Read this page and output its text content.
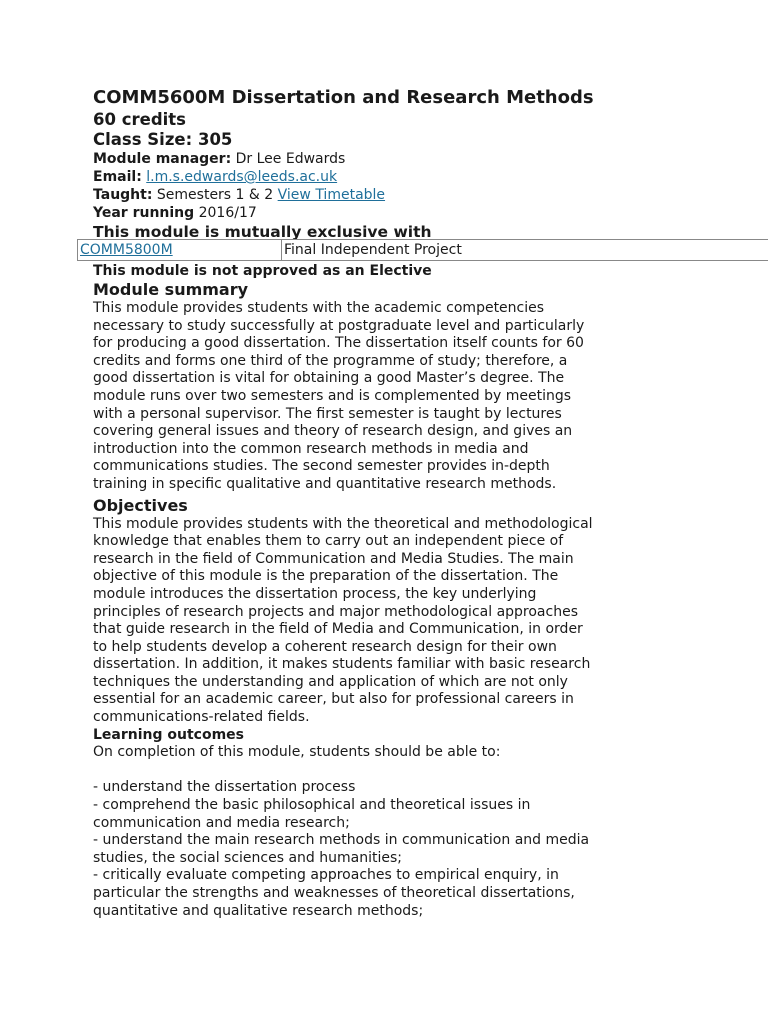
COMM5600M Dissertation and Research Methods
60 credits
Class Size: 305
Module manager: Dr Lee Edwards
Email: l.m.s.edwards@leeds.ac.uk
Taught: Semesters 1 & 2 View Timetable
Year running 2016/17
This module is mutually exclusive with
COMM5800M	Final Independent Project
This module is not approved as an Elective
Module summary

This module provides students with the academic competencies
necessary to study successfully at postgraduate level and particularly
for producing a good dissertation. The dissertation itself counts for 60
credits and forms one third of the programme of study; therefore, a
good dissertation is vital for obtaining a good Master’s degree. The
module runs over two semesters and is complemented by meetings
with a personal supervisor. The first semester is taught by lectures
covering general issues and theory of research design, and gives an
introduction into the common research methods in media and
communications studies. The second semester provides in-depth
training in specific qualitative and quantitative research methods.

Objectives

This module provides students with the theoretical and methodological
knowledge that enables them to carry out an independent piece of
research in the field of Communication and Media Studies. The main
objective of this module is the preparation of the dissertation. The
module introduces the dissertation process, the key underlying
principles of research projects and major methodological approaches
that guide research in the field of Media and Communication, in order
to help students develop a coherent research design for their own
dissertation. In addition, it makes students familiar with basic research
techniques the understanding and application of which are not only
essential for an academic career, but also for professional careers in
communications-related fields.

Learning outcomes

On completion of this module, students should be able to:

- understand the dissertation process

- comprehend the basic philosophical and theoretical issues in
communication and media research;

- understand the main research methods in communication and media
studies, the social sciences and humanities;

- critically evaluate competing approaches to empirical enquiry, in
particular the strengths and weaknesses of theoretical dissertations,
quantitative and qualitative research methods;
